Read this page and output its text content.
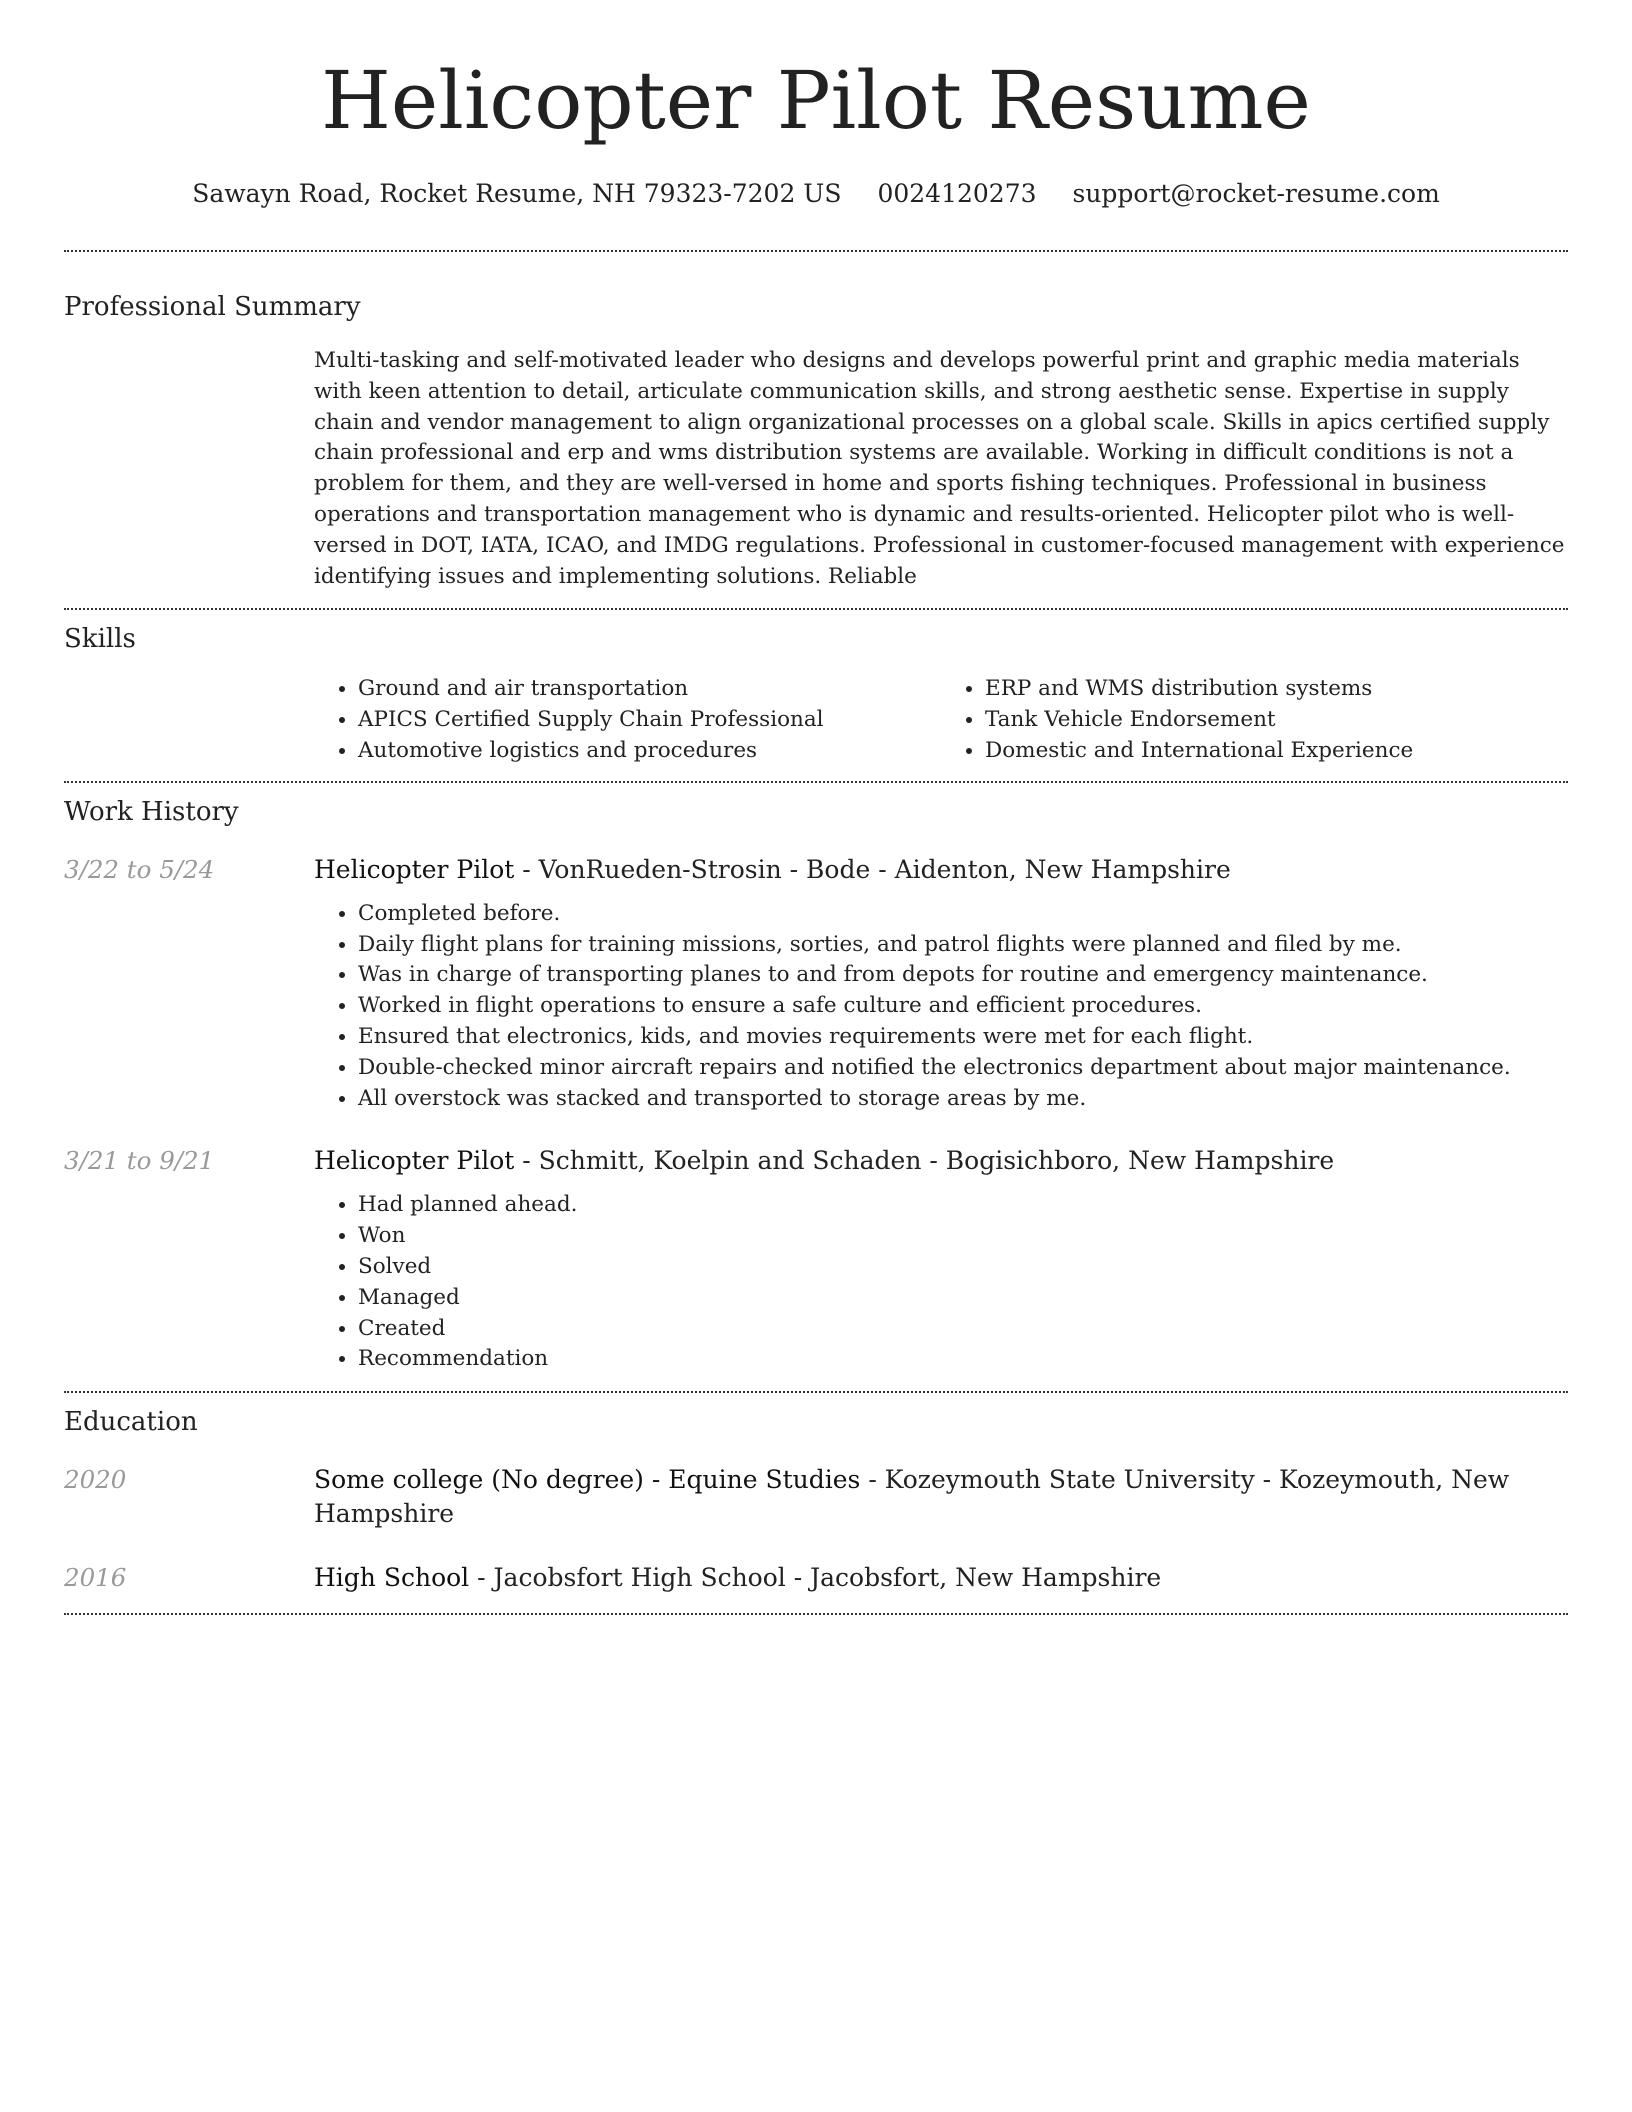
Helicopter Pilot Resume
Sawayn Road, Rocket Resume, NH 79323-7202 US 0024120273 support@rocket-resume.com
Professional Summary
Multi-tasking and self-motivated leader who designs and develops powerful print and graphic media materials with keen attention to detail, articulate communication skills, and strong aesthetic sense. Expertise in supply chain and vendor management to align organizational processes on a global scale. Skills in apics certified supply chain professional and erp and wms distribution systems are available. Working in difficult conditions is not a problem for them, and they are well-versed in home and sports fishing techniques. Professional in business operations and transportation management who is dynamic and results-oriented. Helicopter pilot who is well-versed in DOT, IATA, ICAO, and IMDG regulations. Professional in customer-focused management with experience identifying issues and implementing solutions. Reliable
Skills
• Ground and air transportation
• APICS Certified Supply Chain Professional
• Automotive logistics and procedures
• ERP and WMS distribution systems
• Tank Vehicle Endorsement
• Domestic and International Experience
Work History
3/22 to 5/24	Helicopter Pilot - VonRueden-Strosin - Bode - Aidenton, New Hampshire
• Completed before.
• Daily flight plans for training missions, sorties, and patrol flights were planned and filed by me.
• Was in charge of transporting planes to and from depots for routine and emergency maintenance.
• Worked in flight operations to ensure a safe culture and efficient procedures.
• Ensured that electronics, kids, and movies requirements were met for each flight.
• Double-checked minor aircraft repairs and notified the electronics department about major maintenance.
• All overstock was stacked and transported to storage areas by me.
3/21 to 9/21	Helicopter Pilot - Schmitt, Koelpin and Schaden - Bogisichboro, New Hampshire
• Had planned ahead.
• Won
• Solved
• Managed
• Created
• Recommendation
Education
2020	Some college (No degree) - Equine Studies - Kozeymouth State University - Kozeymouth, New Hampshire
2016	High School - Jacobsfort High School - Jacobsfort, New Hampshire
